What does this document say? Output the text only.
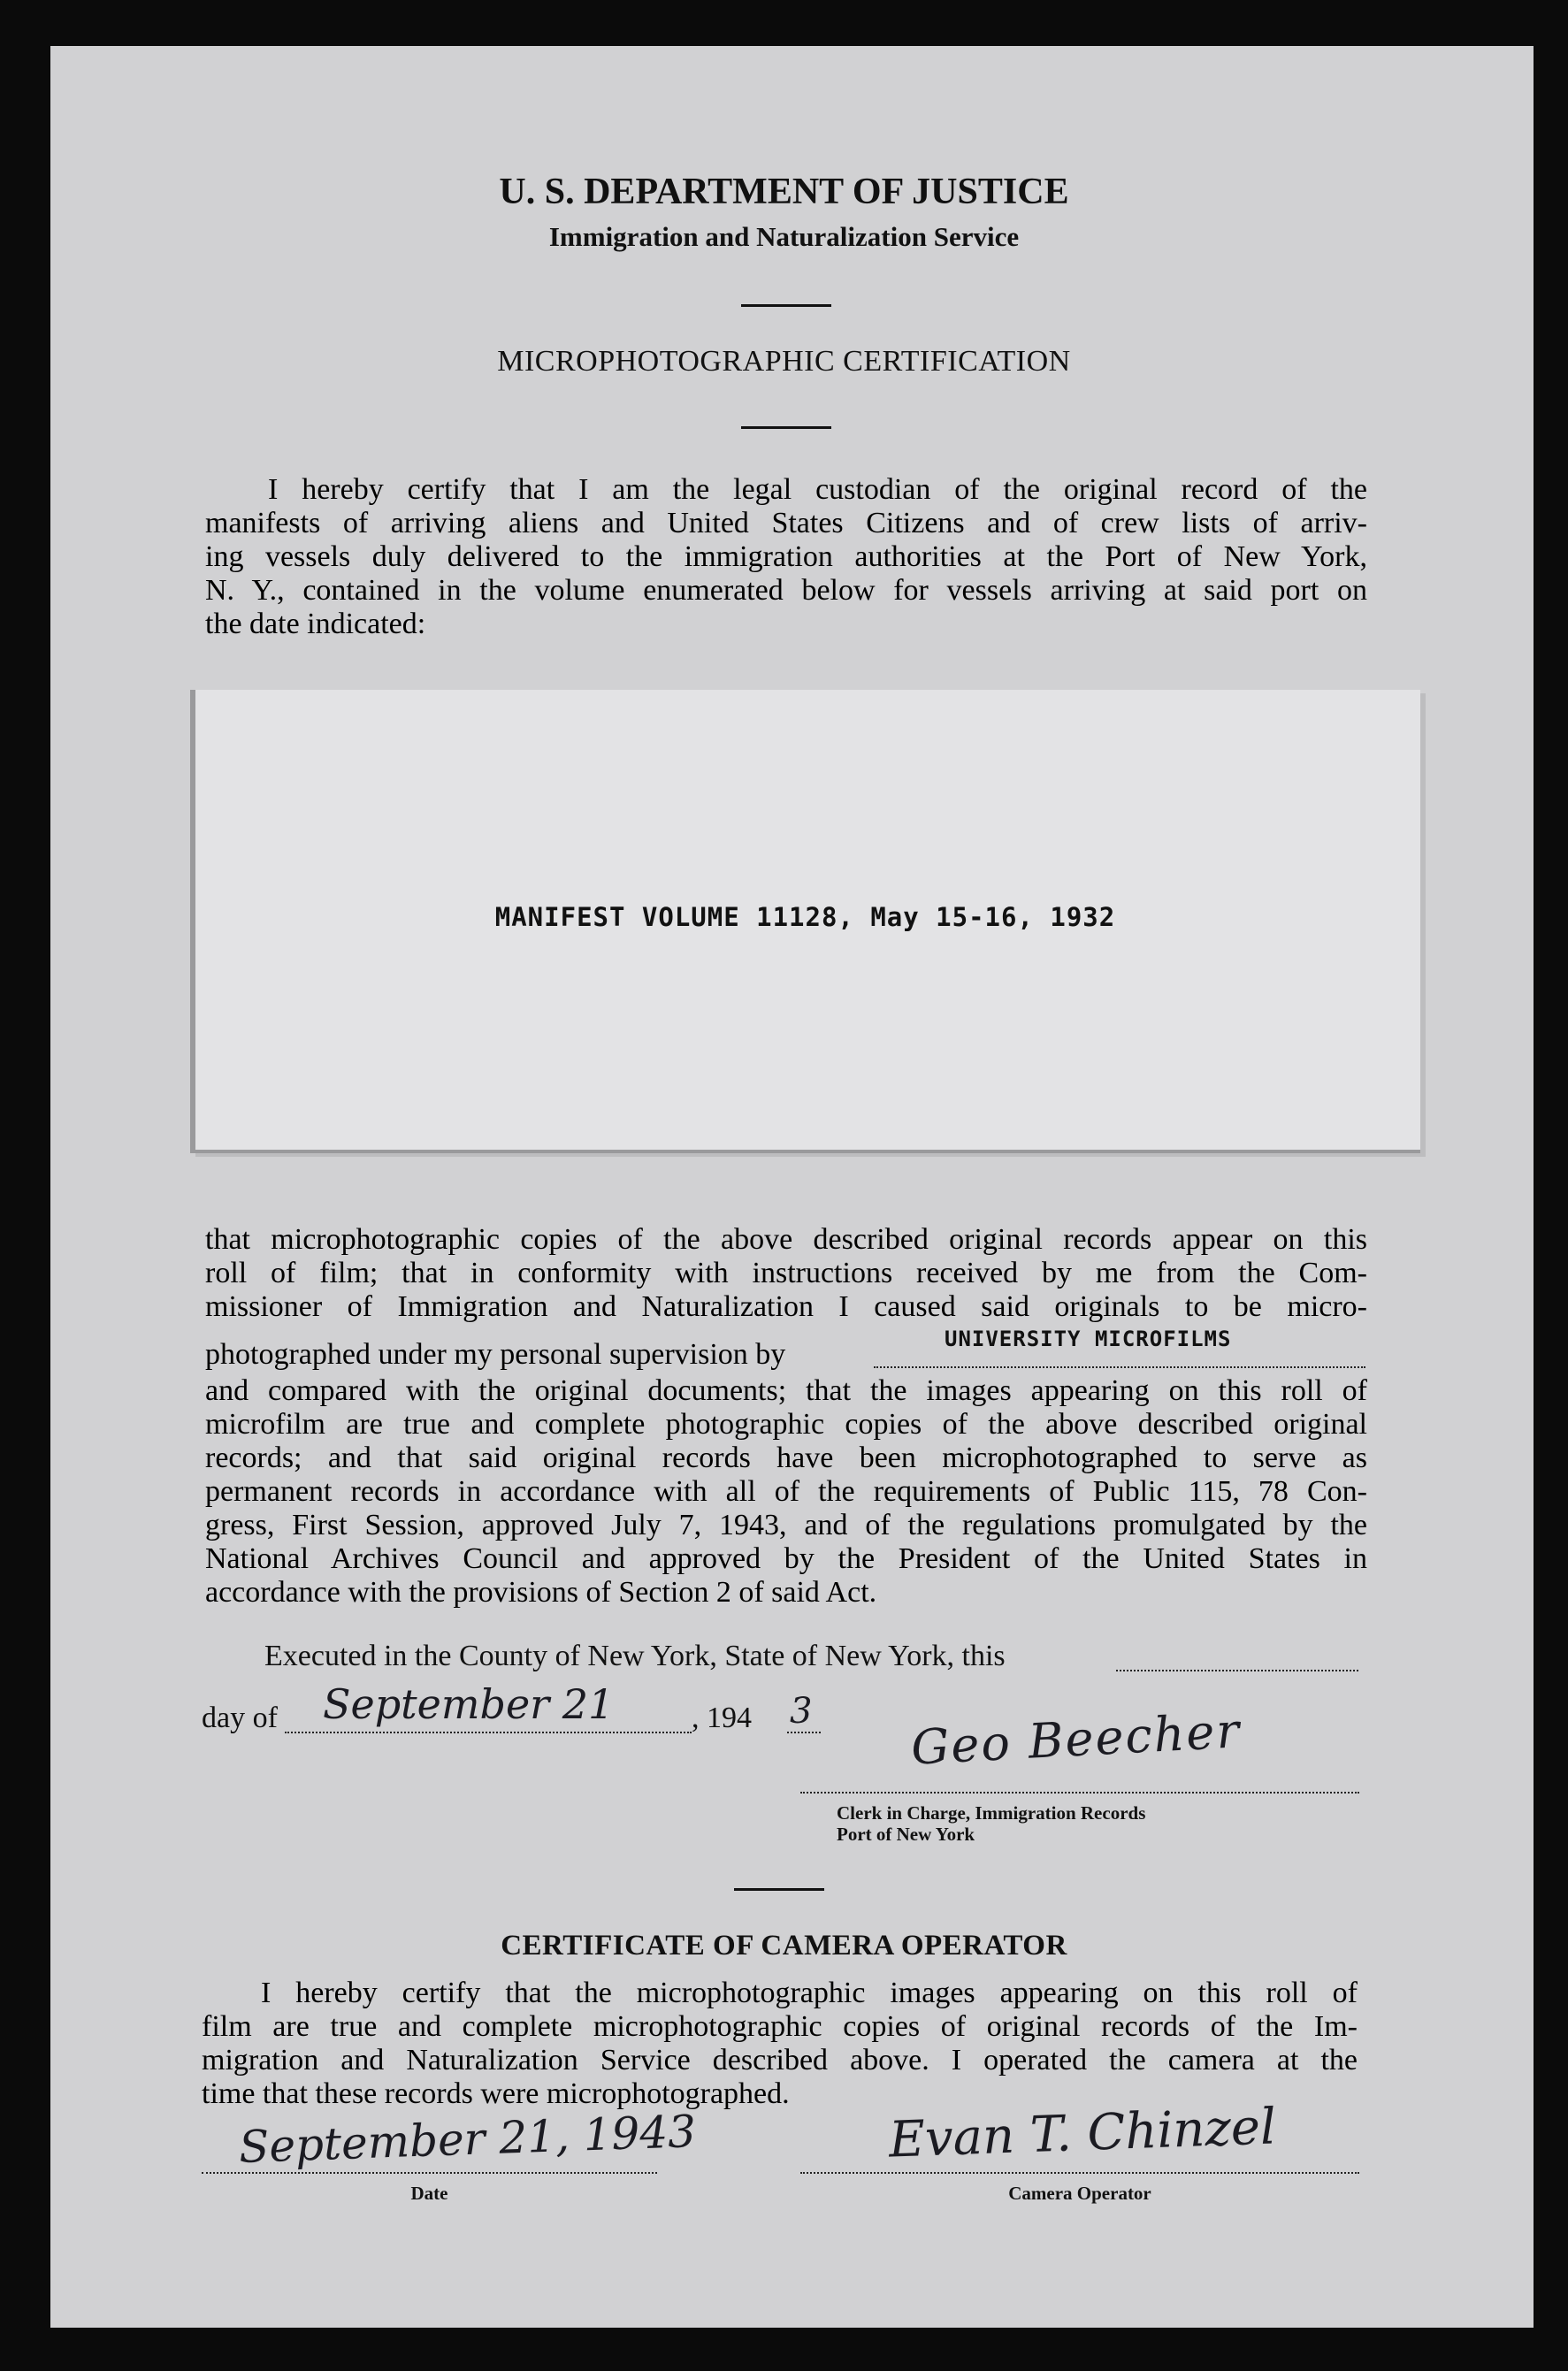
U. S. DEPARTMENT OF JUSTICE
Immigration and Naturalization Service
MICROPHOTOGRAPHIC CERTIFICATION
I hereby certify that I am the legal custodian of the original record of the
manifests of arriving aliens and United States Citizens and of crew lists of arriv-
ing vessels duly delivered to the immigration authorities at the Port of New York,
N. Y., contained in the volume enumerated below for vessels arriving at said port on
the date indicated:
MANIFEST VOLUME 11128, May 15-16, 1932
that microphotographic copies of the above described original records appear on this
roll of film; that in conformity with instructions received by me from the Com-
missioner of Immigration and Naturalization I caused said originals to be micro-
photographed under my personal supervision by	UNIVERSITY MICROFILMS
and compared with the original documents; that the images appearing on this roll of
microfilm are true and complete photographic copies of the above described original
records; and that said original records have been microphotographed to serve as
permanent records in accordance with all of the requirements of Public 115, 78 Con-
gress, First Session, approved July 7, 1943, and of the regulations promulgated by the
National Archives Council and approved by the President of the United States in
accordance with the provisions of Section 2 of said Act.
Executed in the County of New York, State of New York, this
day of September 21	, 194 3 Geo Beecher
Clerk in Charge, Immigration Records
Port of New York
CERTIFICATE OF CAMERA OPERATOR
I hereby certify that the microphotographic images appearing on this roll of
film are true and complete microphotographic copies of original records of the Im-
migration and Naturalization Service described above. I operated the camera at the
time that these records were microphotographed.
September 21, 1943
Date
Evan T. Chinzel
Camera Operator
